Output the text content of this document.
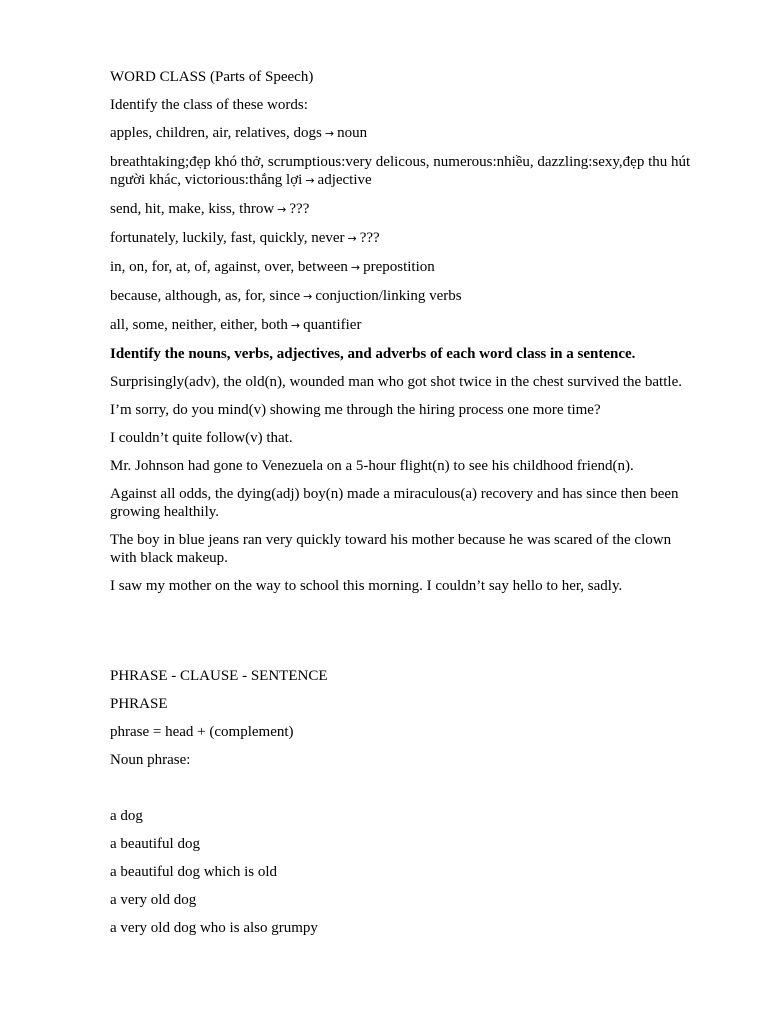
WORD CLASS (Parts of Speech)

Identify the class of these words:

apples, children, air, relatives, dogs → noun

breathtaking;đẹp khó thở, scrumptious:very delicous, numerous:nhiều, dazzling:sexy,đẹp thu hút người khác, victorious:thắng lợi → adjective

send, hit, make, kiss, throw → ???

fortunately, luckily, fast, quickly, never → ???

in, on, for, at, of, against, over, between → prepostition

because, although, as, for, since → conjuction/linking verbs

all, some, neither, either, both → quantifier

Identify the nouns, verbs, adjectives, and adverbs of each word class in a sentence.

Surprisingly(adv), the old(n), wounded man who got shot twice in the chest survived the battle.

I’m sorry, do you mind(v) showing me through the hiring process one more time?

I couldn’t quite follow(v) that.

Mr. Johnson had gone to Venezuela on a 5-hour flight(n) to see his childhood friend(n).

Against all odds, the dying(adj) boy(n) made a miraculous(a) recovery and has since then been growing healthily.

The boy in blue jeans ran very quickly toward his mother because he was scared of the clown with black makeup.

I saw my mother on the way to school this morning. I couldn’t say hello to her, sadly.

PHRASE - CLAUSE - SENTENCE

PHRASE

phrase = head + (complement)

Noun phrase:

a dog

a beautiful dog

a beautiful dog which is old

a very old dog

a very old dog who is also grumpy
